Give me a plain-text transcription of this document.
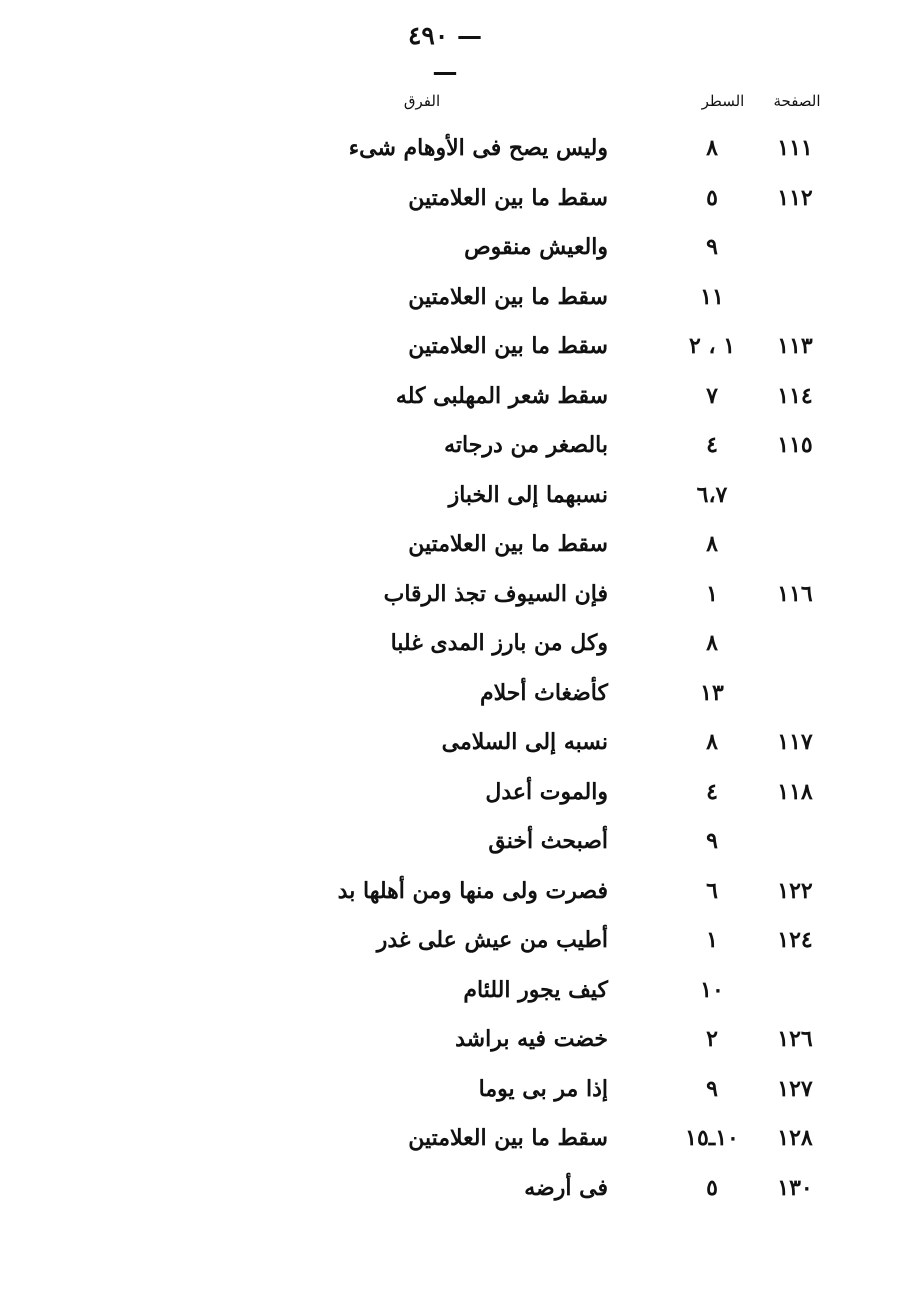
— ٤٩٠ —
الصفحة
السطر
الفرق
١١١
٨
وليس يصح فى الأوهام شىء
١١٢
٥
سقط ما بين العلامتين
٩
والعيش منقوص
١١
سقط ما بين العلامتين
١١٣
١ ، ٢
سقط ما بين العلامتين
١١٤
٧
سقط شعر المهلبى كله
١١٥
٤
بالصغر من درجاته
٦،٧
نسبهما إلى الخباز
٨
سقط ما بين العلامتين
١١٦
١
فإن السيوف تجذ الرقاب
٨
وكل من بارز المدى غلبا
١٣
كأضغاث أحلام
١١٧
٨
نسبه إلى السلامى
١١٨
٤
والموت أعدل
٩
أصبحث أخنق
١٢٢
٦
فصرت ولى منها ومن أهلها بد
١٢٤
١
أطيب من عيش على غدر
١٠
كيف يجور اللئام
١٢٦
٢
خضت فيه براشد
١٢٧
٩
إذا مر بى يوما
١٢٨
١٠ـ١٥
سقط ما بين العلامتين
١٣٠
٥
فى أرضه
